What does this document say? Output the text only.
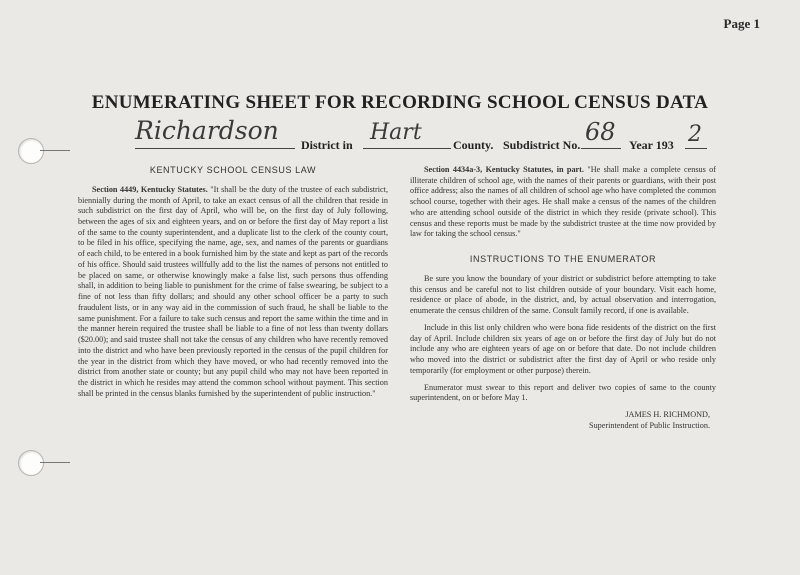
Page 1
ENUMERATING SHEET FOR RECORDING SCHOOL CENSUS DATA
Richardson District in Hart	County. Subdistrict No. 68 Year 193 2

KENTUCKY SCHOOL CENSUS LAW

Section 4449, Kentucky Statutes. "It shall be the duty of the trustee of each subdistrict, biennially during the month of April, to take an exact census of all the children that reside in such subdistrict on the first day of April, who will be, on the first day of July following, between the ages of six and eighteen years, and on or before the first day of May report a list of the same to the county superintendent, and a duplicate list to the clerk of the county court, to be filed in his office, specifying the name, age, sex, and names of the parents or guardians of each child, to be entered in a book furnished him by the state and kept as part of the records of his office. Should said trustees willfully add to the list the names of persons not entitled to be placed on same, or otherwise knowingly make a false list, such persons thus offending shall, in addition to being liable to punishment for the crime of false swearing, be subject to a fine of not less than fifty dollars; and should any other school officer be a party to such fraudulent lists, or in any way aid in the commission of such fraud, he shall be liable to the same punishment. For a failure to take such census and report the same within the time and in the manner herein required the trustee shall be liable to a fine of not less than twenty dollars ($20.00); and said trustee shall not take the census of any children who have recently removed into the district and who have been previously reported in the census of the pupil children for the year in the district from which they have moved, or who had recently removed into the district from another state or county; but any pupil child who may not have been reported in the district in which he resides may attend the common school without payment. This section shall be printed in the census blanks furnished by the superintendent of public instruction."

Section 4434a-3, Kentucky Statutes, in part. "He shall make a complete census of illiterate children of school age, with the names of their parents or guardians, with their post office address; also the names of all children of school age who have completed the common school course, together with their ages. He shall make a census of the names of the children who are attending school outside of the district in which they reside (private school). This census and these reports must be made by the subdistrict trustee at the time now provided by law for taking the school census."

INSTRUCTIONS TO THE ENUMERATOR

Be sure you know the boundary of your district or subdistrict before attempting to take this census and be careful not to list children outside of your boundary. Visit each home, residence or place of abode, in the district, and, by actual observation and interrogation, enumerate the census children of the same. Consult family record, if one is available.

Include in this list only children who were bona fide residents of the district on the first day of April. Include children six years of age on or before the first day of July but do not include any who are eighteen years of age on or before that date. Do not include children who moved into the district or subdistrict after the first day of April or who reside only temporarily (for employment or other purpose) therein.

Enumerator must swear to this report and deliver two copies of same to the county superintendent, on or before May 1.

JAMES H. RICHMOND,

Superintendent of Public Instruction.
